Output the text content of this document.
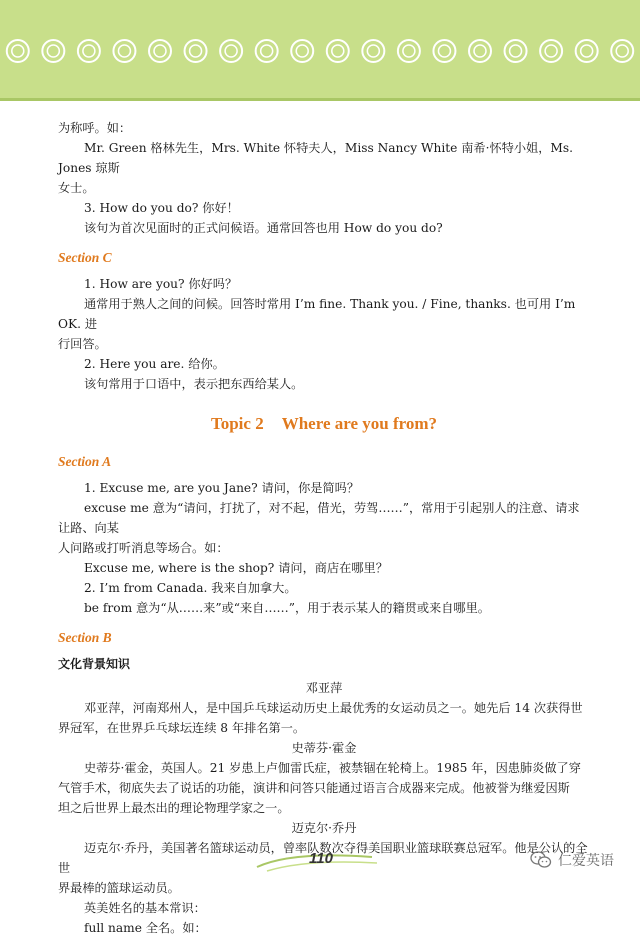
为称呼。如：

Mr. Green 格林先生，Mrs. White 怀特夫人，Miss Nancy White 南希·怀特小姐，Ms. Jones 琼斯

女士。

3. How do you do? 你好！

该句为首次见面时的正式问候语。通常回答也用 How do you do?

Section C

1. How are you? 你好吗？

通常用于熟人之间的问候。回答时常用 I’m fine. Thank you. / Fine, thanks. 也可用 I’m OK. 进

行回答。

2. Here you are. 给你。

该句常用于口语中，表示把东西给某人。

Topic 2 Where are you from?
Section A

1. Excuse me, are you Jane? 请问，你是简吗？

excuse me 意为“请问，打扰了，对不起，借光，劳驾……”，常用于引起别人的注意、请求让路、向某

人问路或打听消息等场合。如：

Excuse me, where is the shop? 请问，商店在哪里？

2. I’m from Canada. 我来自加拿大。

be from 意为“从……来”或“来自……”，用于表示某人的籍贯或来自哪里。

Section B
文化背景知识

邓亚萍

邓亚萍，河南郑州人，是中国乒乓球运动历史上最优秀的女运动员之一。她先后 14 次获得世

界冠军，在世界乒乓球坛连续 8 年排名第一。

史蒂芬·霍金

史蒂芬·霍金，英国人。21 岁患上卢伽雷氏症，被禁锢在轮椅上。1985 年，因患肺炎做了穿

气管手术，彻底失去了说话的功能，演讲和问答只能通过语言合成器来完成。他被誉为继爱因斯

坦之后世界上最杰出的理论物理学家之一。

迈克尔·乔丹

迈克尔·乔丹，美国著名篮球运动员，曾率队数次夺得美国职业篮球联赛总冠军。他是公认的全世

界最棒的篮球运动员。

英美姓名的基本常识：

full name 全名。如：

110	仁爱英语
